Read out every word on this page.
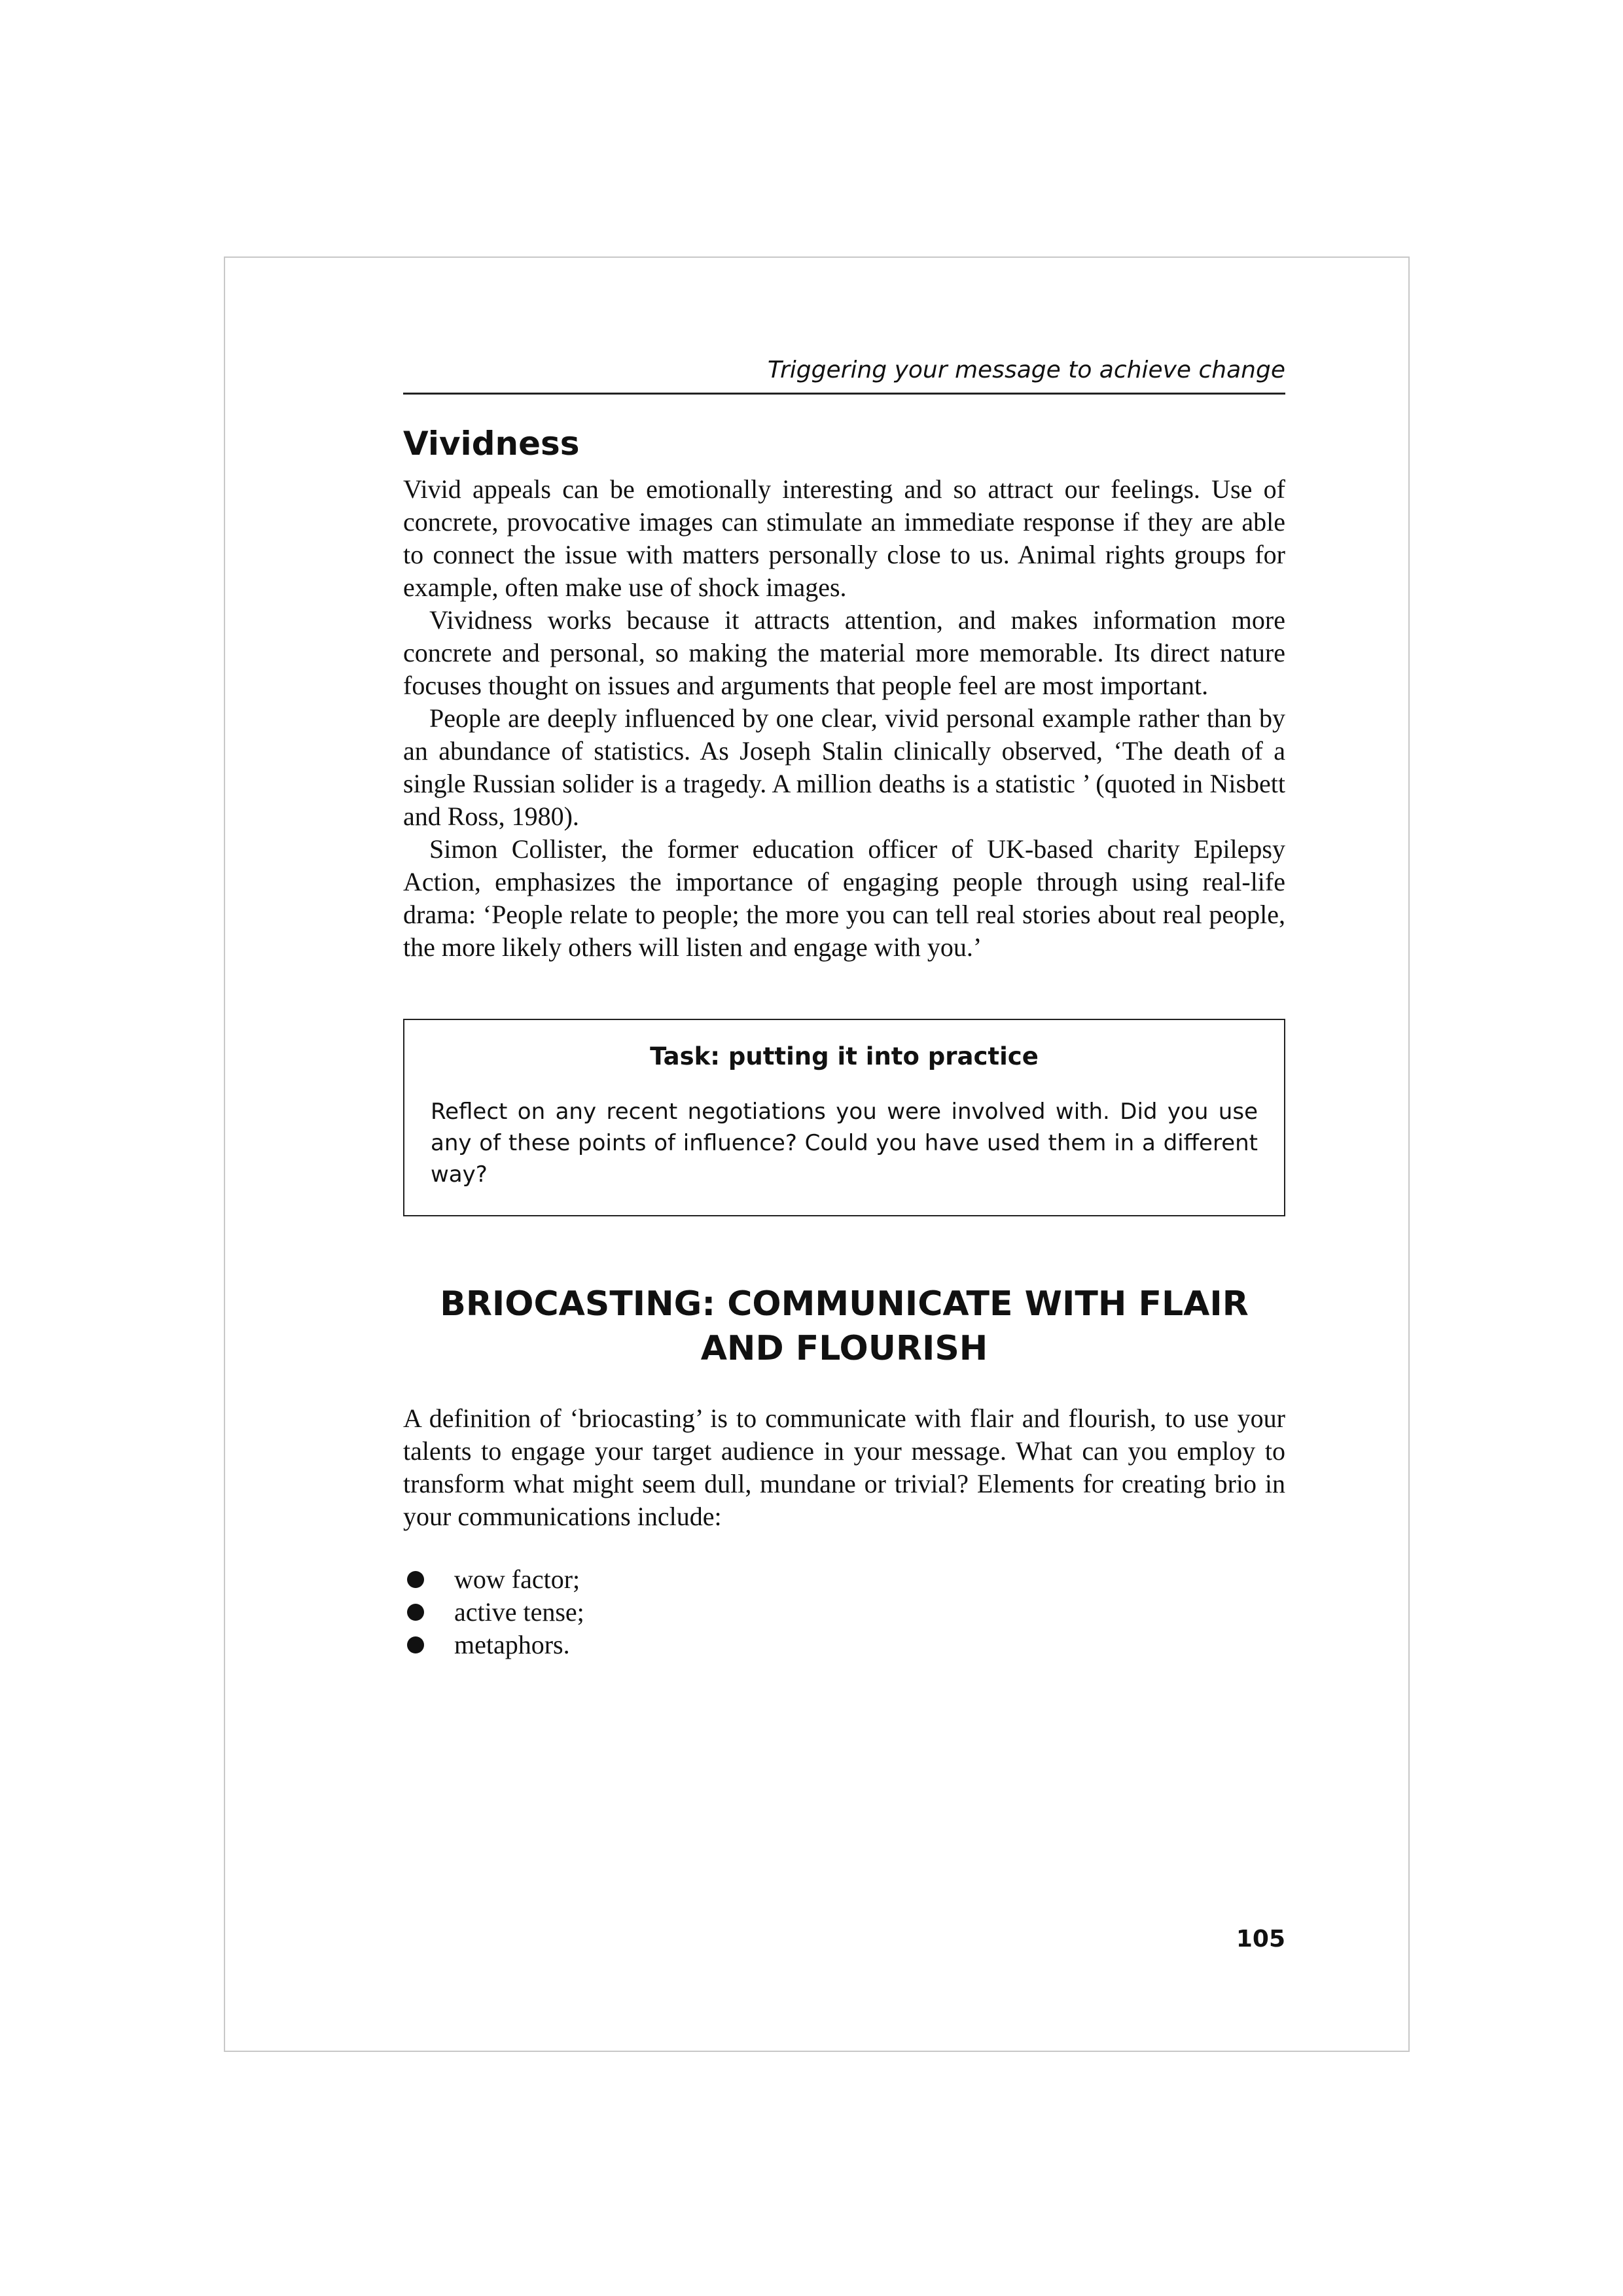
Triggering your message to achieve change
Vividness

Vivid appeals can be emotionally interesting and so attract our feelings. Use of concrete, provocative images can stimulate an immediate response if they are able to connect the issue with matters personally close to us. Animal rights groups for example, often make use of shock images.

Vividness works because it attracts attention, and makes information more concrete and personal, so making the material more memorable. Its direct nature focuses thought on issues and arguments that people feel are most important.

People are deeply influenced by one clear, vivid personal example rather than by an abundance of statistics. As Joseph Stalin clinically observed, ‘The death of a single Russian solider is a tragedy. A million deaths is a statistic ’ (quoted in Nisbett and Ross, 1980).

Simon Collister, the former education officer of UK-based charity Epilepsy Action, emphasizes the importance of engaging people through using real-life drama: ‘People relate to people; the more you can tell real stories about real people, the more likely others will listen and engage with you.’

Task: putting it into practice

Reflect on any recent negotiations you were involved with. Did you use any of these points of influence? Could you have used them in a different way?

BRIOCASTING: COMMUNICATE WITH FLAIR AND FLOURISH

A definition of ‘briocasting’ is to communicate with flair and flourish, to use your talents to engage your target audience in your message. What can you employ to transform what might seem dull, mundane or trivial? Elements for creating brio in your communications include:

wow factor;
active tense;
metaphors.
105
